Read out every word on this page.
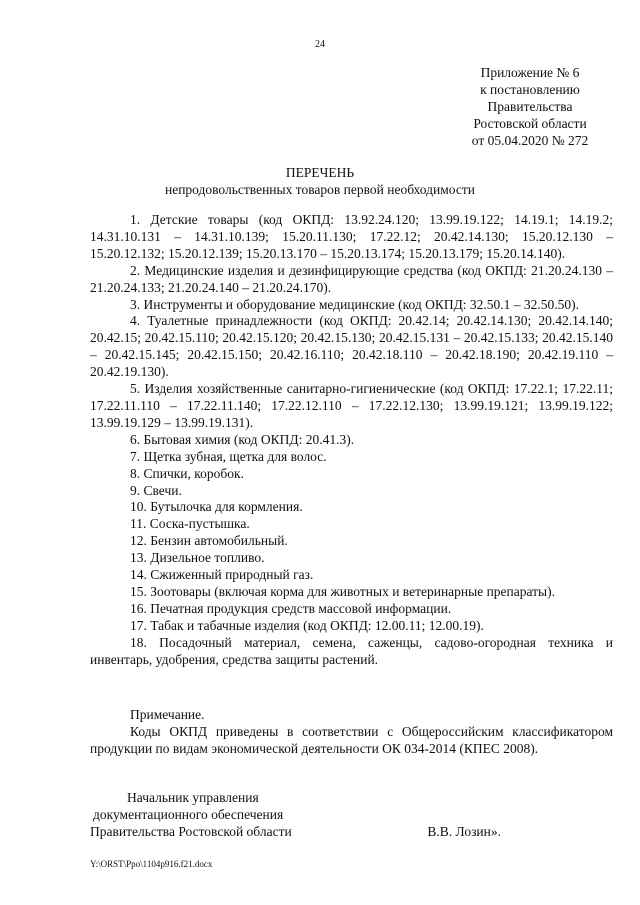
24
Приложение № 6
к постановлению
Правительства
Ростовской области
от 05.04.2020 № 272
ПЕРЕЧЕНЬ
непродовольственных товаров первой необходимости

1. Детские товары (код ОКПД: 13.92.24.120; 13.99.19.122; 14.19.1; 14.19.2; 14.31.10.131 – 14.31.10.139; 15.20.11.130; 17.22.12; 20.42.14.130; 15.20.12.130 – 15.20.12.132; 15.20.12.139; 15.20.13.170 – 15.20.13.174; 15.20.13.179; 15.20.14.140).

2. Медицинские изделия и дезинфицирующие средства (код ОКПД: 21.20.24.130 – 21.20.24.133; 21.20.24.140 – 21.20.24.170).

3. Инструменты и оборудование медицинские (код ОКПД: 32.50.1 – 32.50.50).

4. Туалетные принадлежности (код ОКПД: 20.42.14; 20.42.14.130; 20.42.14.140; 20.42.15; 20.42.15.110; 20.42.15.120; 20.42.15.130; 20.42.15.131 – 20.42.15.133; 20.42.15.140 – 20.42.15.145; 20.42.15.150; 20.42.16.110; 20.42.18.110 – 20.42.18.190; 20.42.19.110 – 20.42.19.130).

5. Изделия хозяйственные санитарно-гигиенические (код ОКПД: 17.22.1; 17.22.11; 17.22.11.110 – 17.22.11.140; 17.22.12.110 – 17.22.12.130; 13.99.19.121; 13.99.19.122; 13.99.19.129 – 13.99.19.131).

6. Бытовая химия (код ОКПД: 20.41.3).

7. Щетка зубная, щетка для волос.

8. Спички, коробок.

9. Свечи.

10. Бутылочка для кормления.

11. Соска-пустышка.

12. Бензин автомобильный.

13. Дизельное топливо.

14. Сжиженный природный газ.

15. Зоотовары (включая корма для животных и ветеринарные препараты).

16. Печатная продукция средств массовой информации.

17. Табак и табачные изделия (код ОКПД: 12.00.11; 12.00.19).

18. Посадочный материал, семена, саженцы, садово-огородная техника и инвентарь, удобрения, средства защиты растений.

Примечание.

Коды ОКПД приведены в соответствии с Общероссийским классификатором продукции по видам экономической деятельности ОК 034-2014 (КПЕС 2008).

Начальник управления
документационного обеспечения
Правительства Ростовской области	В.В. Лозин».
Y:\ORST\Ppo\1104p916.f21.docx
